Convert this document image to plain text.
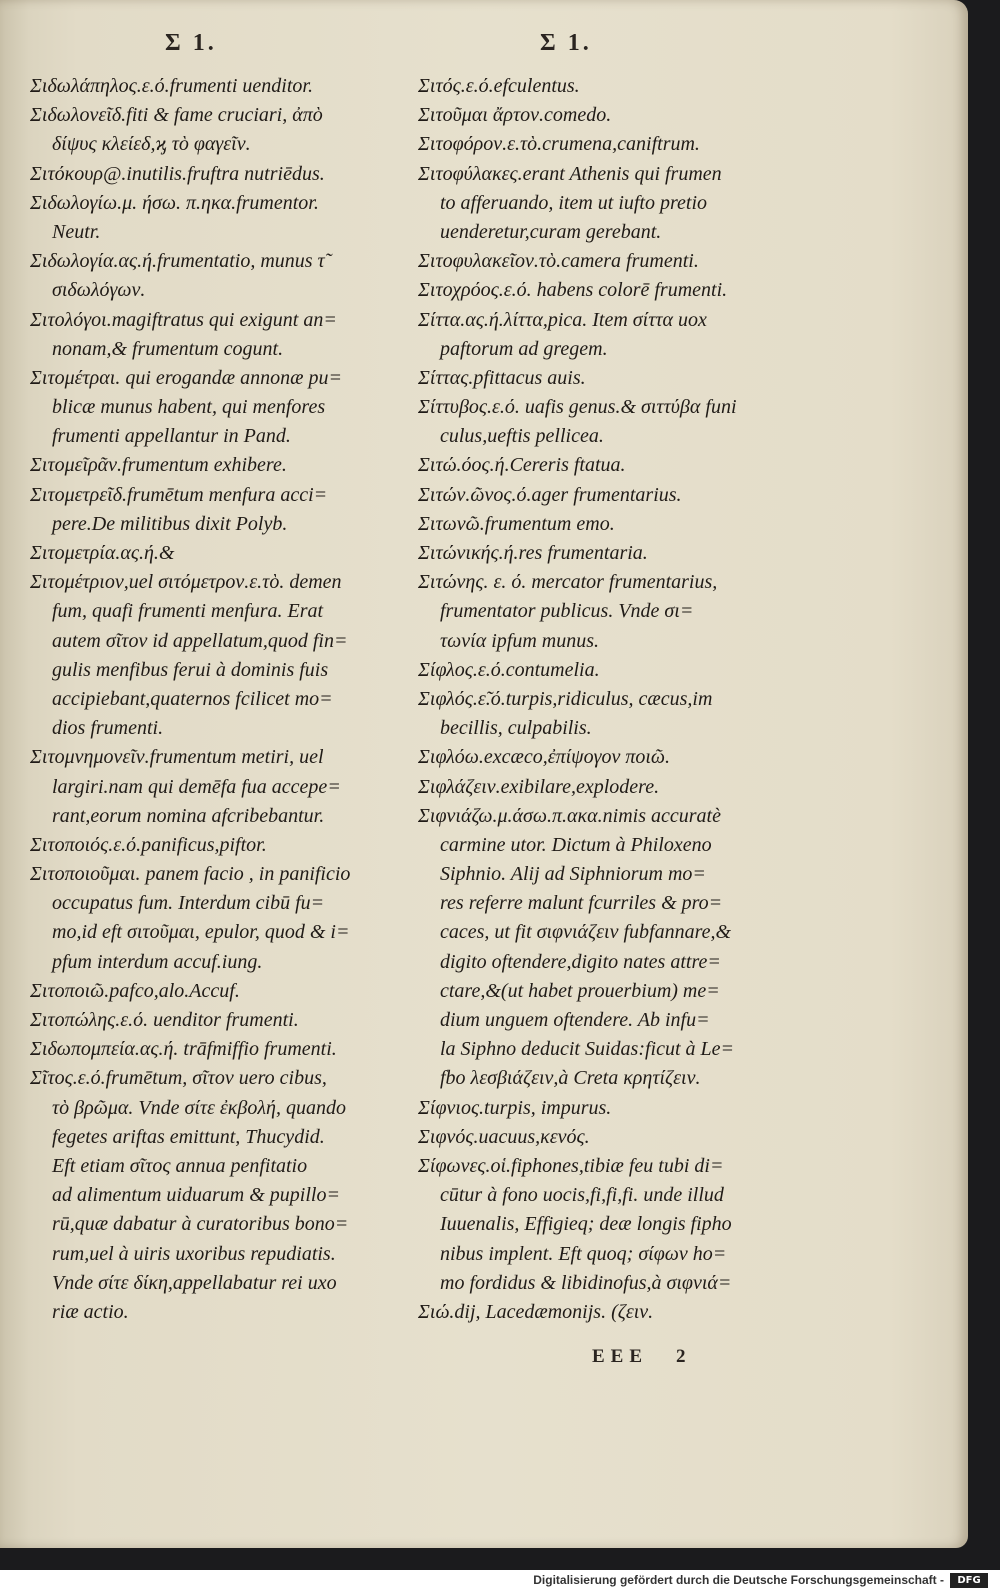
Σ 1.	Σ 1.
Σιδωλάπηλος.ε.ό.frumenti uenditor.
Σιδωλονεῖδ.fiti & fame cruciari, ἀπὸ
δίψυς κλείεδ,ϗ τὸ φαγεῖν.
Σιτόκουρ@.inutilis.fruftra nutriēdus.
Σιδωλογίω.μ. ήσω. π.ηκα.frumentor.
Neutr.
Σιδωλογία.ας.ή.frumentatio, munus τ̃
σιδωλόγων.
Σιτολόγοι.magiftratus qui exigunt an=
nonam,& frumentum cogunt.
Σιτομέτραι. qui erogandæ annonæ pu=
blicæ munus habent, qui menfores
frumenti appellantur in Pand.
Σιτομεῖρᾶν.frumentum exhibere.
Σιτομετρεῖδ.frumētum menfura acci=
pere.De militibus dixit Polyb.
Σιτομετρία.ας.ή.&
Σιτομέτριον,uel σιτόμετρον.ε.τὸ. demen
fum, quafi frumenti menfura. Erat
autem σῖτον id appellatum,quod fin=
gulis menfibus ferui à dominis fuis
accipiebant,quaternos fcilicet mo=
dios frumenti.
Σιτομνημονεῖν.frumentum metiri, uel
largiri.nam qui demēfa fua accepe=
rant,eorum nomina afcribebantur.
Σιτοποιός.ε.ό.panificus,piftor.
Σιτοποιοῦμαι. panem facio , in panificio
occupatus fum. Interdum cibū fu=
mo,id eft σιτοῦμαι, epulor, quod & i=
pfum interdum accuf.iung.
Σιτοποιῶ.pafco,alo.Accuf.
Σιτοπώλης.ε.ό. uenditor frumenti.
Σιδωπομπεία.ας.ή. trāfmiffio frumenti.
Σῖτος.ε.ό.frumētum, σῖτον uero cibus,
τὸ βρῶμα. Vnde σίτε ἐκβολή, quando
fegetes ariftas emittunt, Thucydid.
Eft etiam σῖτος annua penfitatio
ad alimentum uiduarum & pupillo=
rū,quæ dabatur à curatoribus bono=
rum,uel à uiris uxoribus repudiatis.
Vnde σίτε δίκη,appellabatur rei uxo
riæ actio.
Σιτός.ε.ό.efculentus.
Σιτοῦμαι ἄρτον.comedo.
Σιτοφόρον.ε.τὸ.crumena,caniftrum.
Σιτοφύλακες.erant Athenis qui frumen
to afferuando, item ut iufto pretio
uenderetur,curam gerebant.
Σιτοφυλακεῖον.τὸ.camera frumenti.
Σιτοχρόος.ε.ό. habens colorē frumenti.
Σίττα.ας.ή.λίττα,pica. Item σίττα uox
paftorum ad gregem.
Σίττας.pfittacus auis.
Σίττυβος.ε.ό. uafis genus.& σιττύβα funi
culus,ueftis pellicea.
Σιτώ.όος.ή.Cereris ftatua.
Σιτών.ῶνος.ό.ager frumentarius.
Σιτωνῶ.frumentum emo.
Σιτώνικής.ή.res frumentaria.
Σιτώνης. ε. ό. mercator frumentarius,
frumentator publicus. Vnde σι=
τωνία ipfum munus.
Σίφλος.ε.ό.contumelia.
Σιφλός.ε̃.ό.turpis,ridiculus, cæcus,im
becillis, culpabilis.
Σιφλόω.excæco,ἐπίψογον ποιῶ.
Σιφλάζειν.exibilare,explodere.
Σιφνιάζω.μ.άσω.π.ακα.nimis accuratè
carmine utor. Dictum à Philoxeno
Siphnio. Alij ad Siphniorum mo=
res referre malunt fcurriles & pro=
caces, ut fit σιφνιάζειν fubfannare,&
digito oftendere,digito nates attre=
ctare,&(ut habet prouerbium) me=
dium unguem oftendere. Ab infu=
la Siphno deducit Suidas:ficut à Le=
fbo λεσβιάζειν,à Creta κρητίζειν.
Σίφνιος.turpis, impurus.
Σιφνός.uacuus,κενός.
Σίφωνες.οἱ.fiphones,tibiæ feu tubi di=
cūtur à fono uocis,fi,fi,fi. unde illud
Iuuenalis, Effigieq; deæ longis fipho
nibus implent. Eft quoq; σίφων ho=
mo fordidus & libidinofus,à σιφνιά=
Σιώ.dij, Lacedæmonijs. (ζειν.
EEE 2
Digitalisierung gefördert durch die Deutsche Forschungsgemeinschaft -	DFG
